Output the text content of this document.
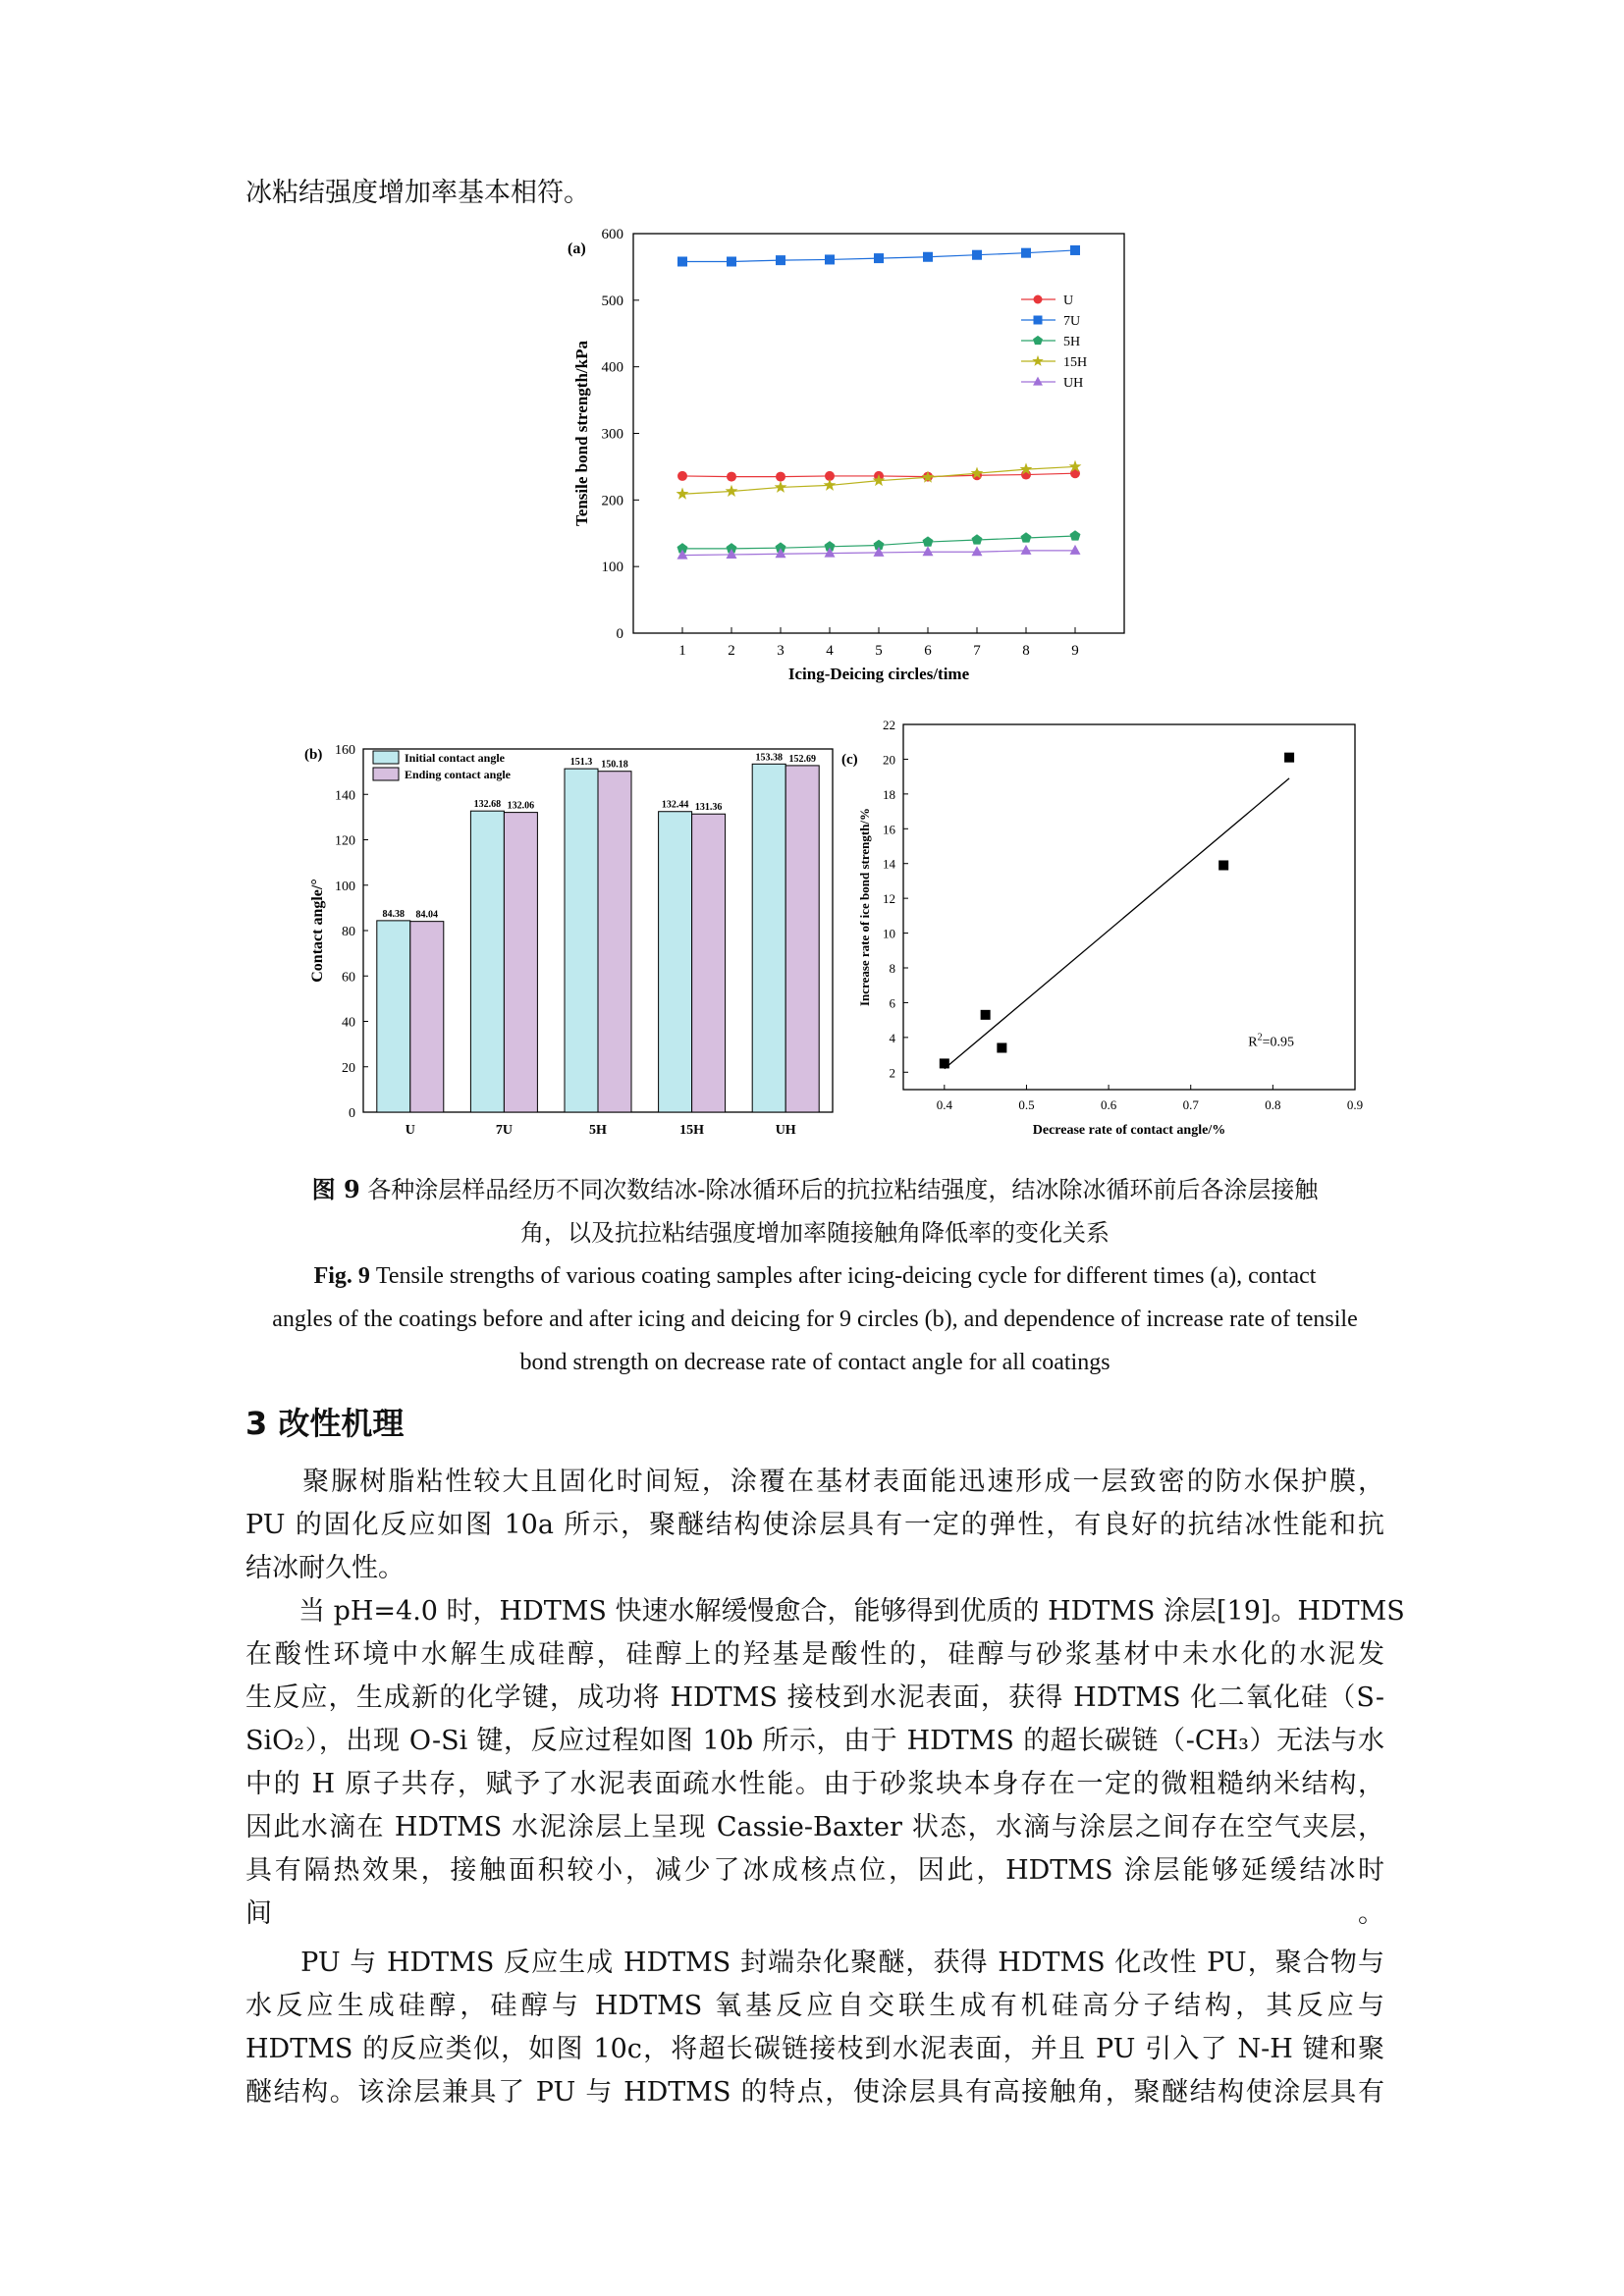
冰粘结强度增加率基本相符。
(a)
0
100
200
300
400
500
600
1	2	3	4	5	6	7	8	9
Icing-Deicing circles/time
Tensile bond strength/kPa
U
7U
5H
15H
UH
(b)
0
20
40
60
80
100
120
140
160
Contact angle/°	84.38 84.04
U
132.68 132.06
7U
151.3 150.18
5H
132.44 131.36
15H
153.38 152.69
UH
Initial contact angle
Ending contact angle
(c)
2
4
6
8
10
12
14
16
18
20
22
0.4	0.5	0.6	0.7	0.8	0.9
Decrease rate of contact angle/%
Increase rate of ice bond strength/%
$R^2=0.95$
图 9 各种涂层样品经历不同次数结冰-除冰循环后的抗拉粘结强度，结冰除冰循环前后各涂层接触
角，以及抗拉粘结强度增加率随接触角降低率的变化关系
Fig. 9 Tensile strengths of various coating samples after icing-deicing cycle for different times (a), contact
angles of the coatings before and after icing and deicing for 9 circles (b), and dependence of increase rate of tensile
bond strength on decrease rate of contact angle for all coatings
3 改性机理
　　聚脲树脂粘性较大且固化时间短，涂覆在基材表面能迅速形成一层致密的防水保护膜，
PU 的固化反应如图 10a 所示，聚醚结构使涂层具有一定的弹性，有良好的抗结冰性能和抗
结冰耐久性。
　　当 pH=4.0 时，HDTMS 快速水解缓慢愈合，能够得到优质的 HDTMS 涂层[19]。HDTMS
在酸性环境中水解生成硅醇，硅醇上的羟基是酸性的，硅醇与砂浆基材中未水化的水泥发
生反应，生成新的化学键，成功将 HDTMS 接枝到水泥表面，获得 HDTMS 化二氧化硅（S-
SiO₂），出现 O-Si 键，反应过程如图 10b 所示，由于 HDTMS 的超长碳链（-CH₃）无法与水
中的 H 原子共存，赋予了水泥表面疏水性能。由于砂浆块本身存在一定的微粗糙纳米结构，
因此水滴在 HDTMS 水泥涂层上呈现 Cassie-Baxter 状态，水滴与涂层之间存在空气夹层，
具有隔热效果，接触面积较小，减少了冰成核点位，因此，HDTMS 涂层能够延缓结冰时
间。
　　PU 与 HDTMS 反应生成 HDTMS 封端杂化聚醚，获得 HDTMS 化改性 PU，聚合物与
水反应生成硅醇，硅醇与 HDTMS 氧基反应自交联生成有机硅高分子结构，其反应与
HDTMS 的反应类似，如图 10c，将超长碳链接枝到水泥表面，并且 PU 引入了 N-H 键和聚
醚结构。该涂层兼具了 PU 与 HDTMS 的特点，使涂层具有高接触角，聚醚结构使涂层具有
